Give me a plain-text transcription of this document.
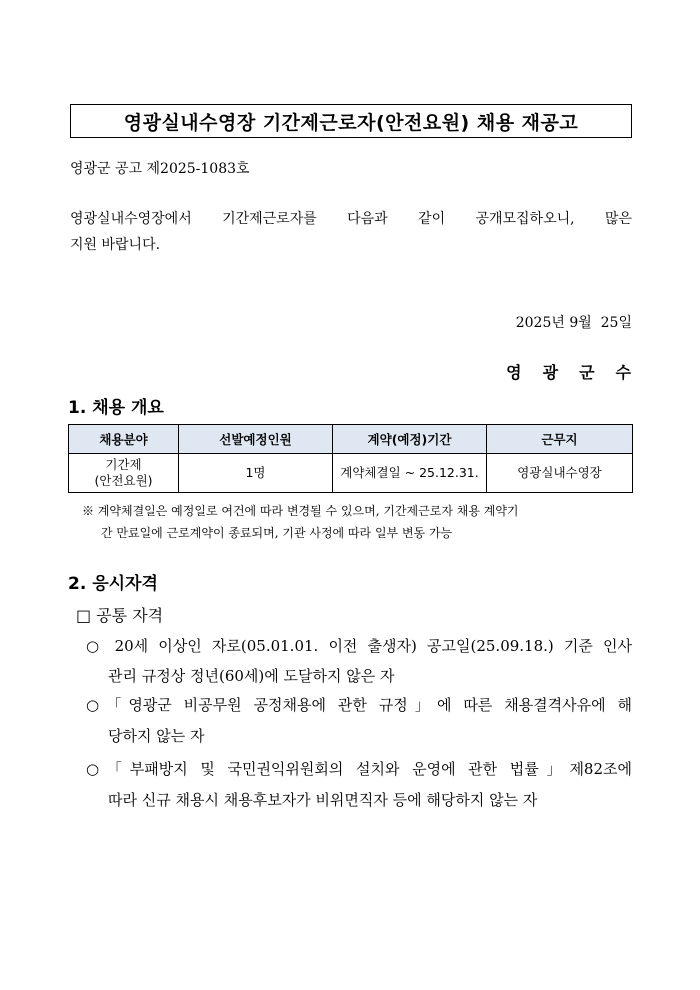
영광실내수영장 기간제근로자(안전요원) 채용 재공고
영광군 공고 제2025-1083호
영광실내수영장에서 기간제근로자를 다음과 같이 공개모집하오니, 많은
지원 바랍니다.
2025년 9월  25일
영광군수
1. 채용 개요
채용분야	선발예정인원	계약(예정)기간	근무지

기간제
(안전요원)	1명	계약체결일 ~ 25.12.31.	영광실내수영장
※ 계약체결일은 예정일로 여건에 따라 변경될 수 있으며, 기간제근로자 채용 계약기
간 만료일에 근로계약이 종료되며, 기관 사정에 따라 일부 변동 가능
2. 응시자격
□ 공통 자격
○ 20세 이상인 자로(05.01.01. 이전 출생자) 공고일(25.09.18.) 기준 인사
관리 규정상 정년(60세)에 도달하지 않은 자
○「영광군 비공무원 공정채용에 관한 규정」에 따른 채용결격사유에 해
당하지 않는 자
○「부패방지 및 국민권익위원회의 설치와 운영에 관한 법률」제82조에
따라 신규 채용시 채용후보자가 비위면직자 등에 해당하지 않는 자
